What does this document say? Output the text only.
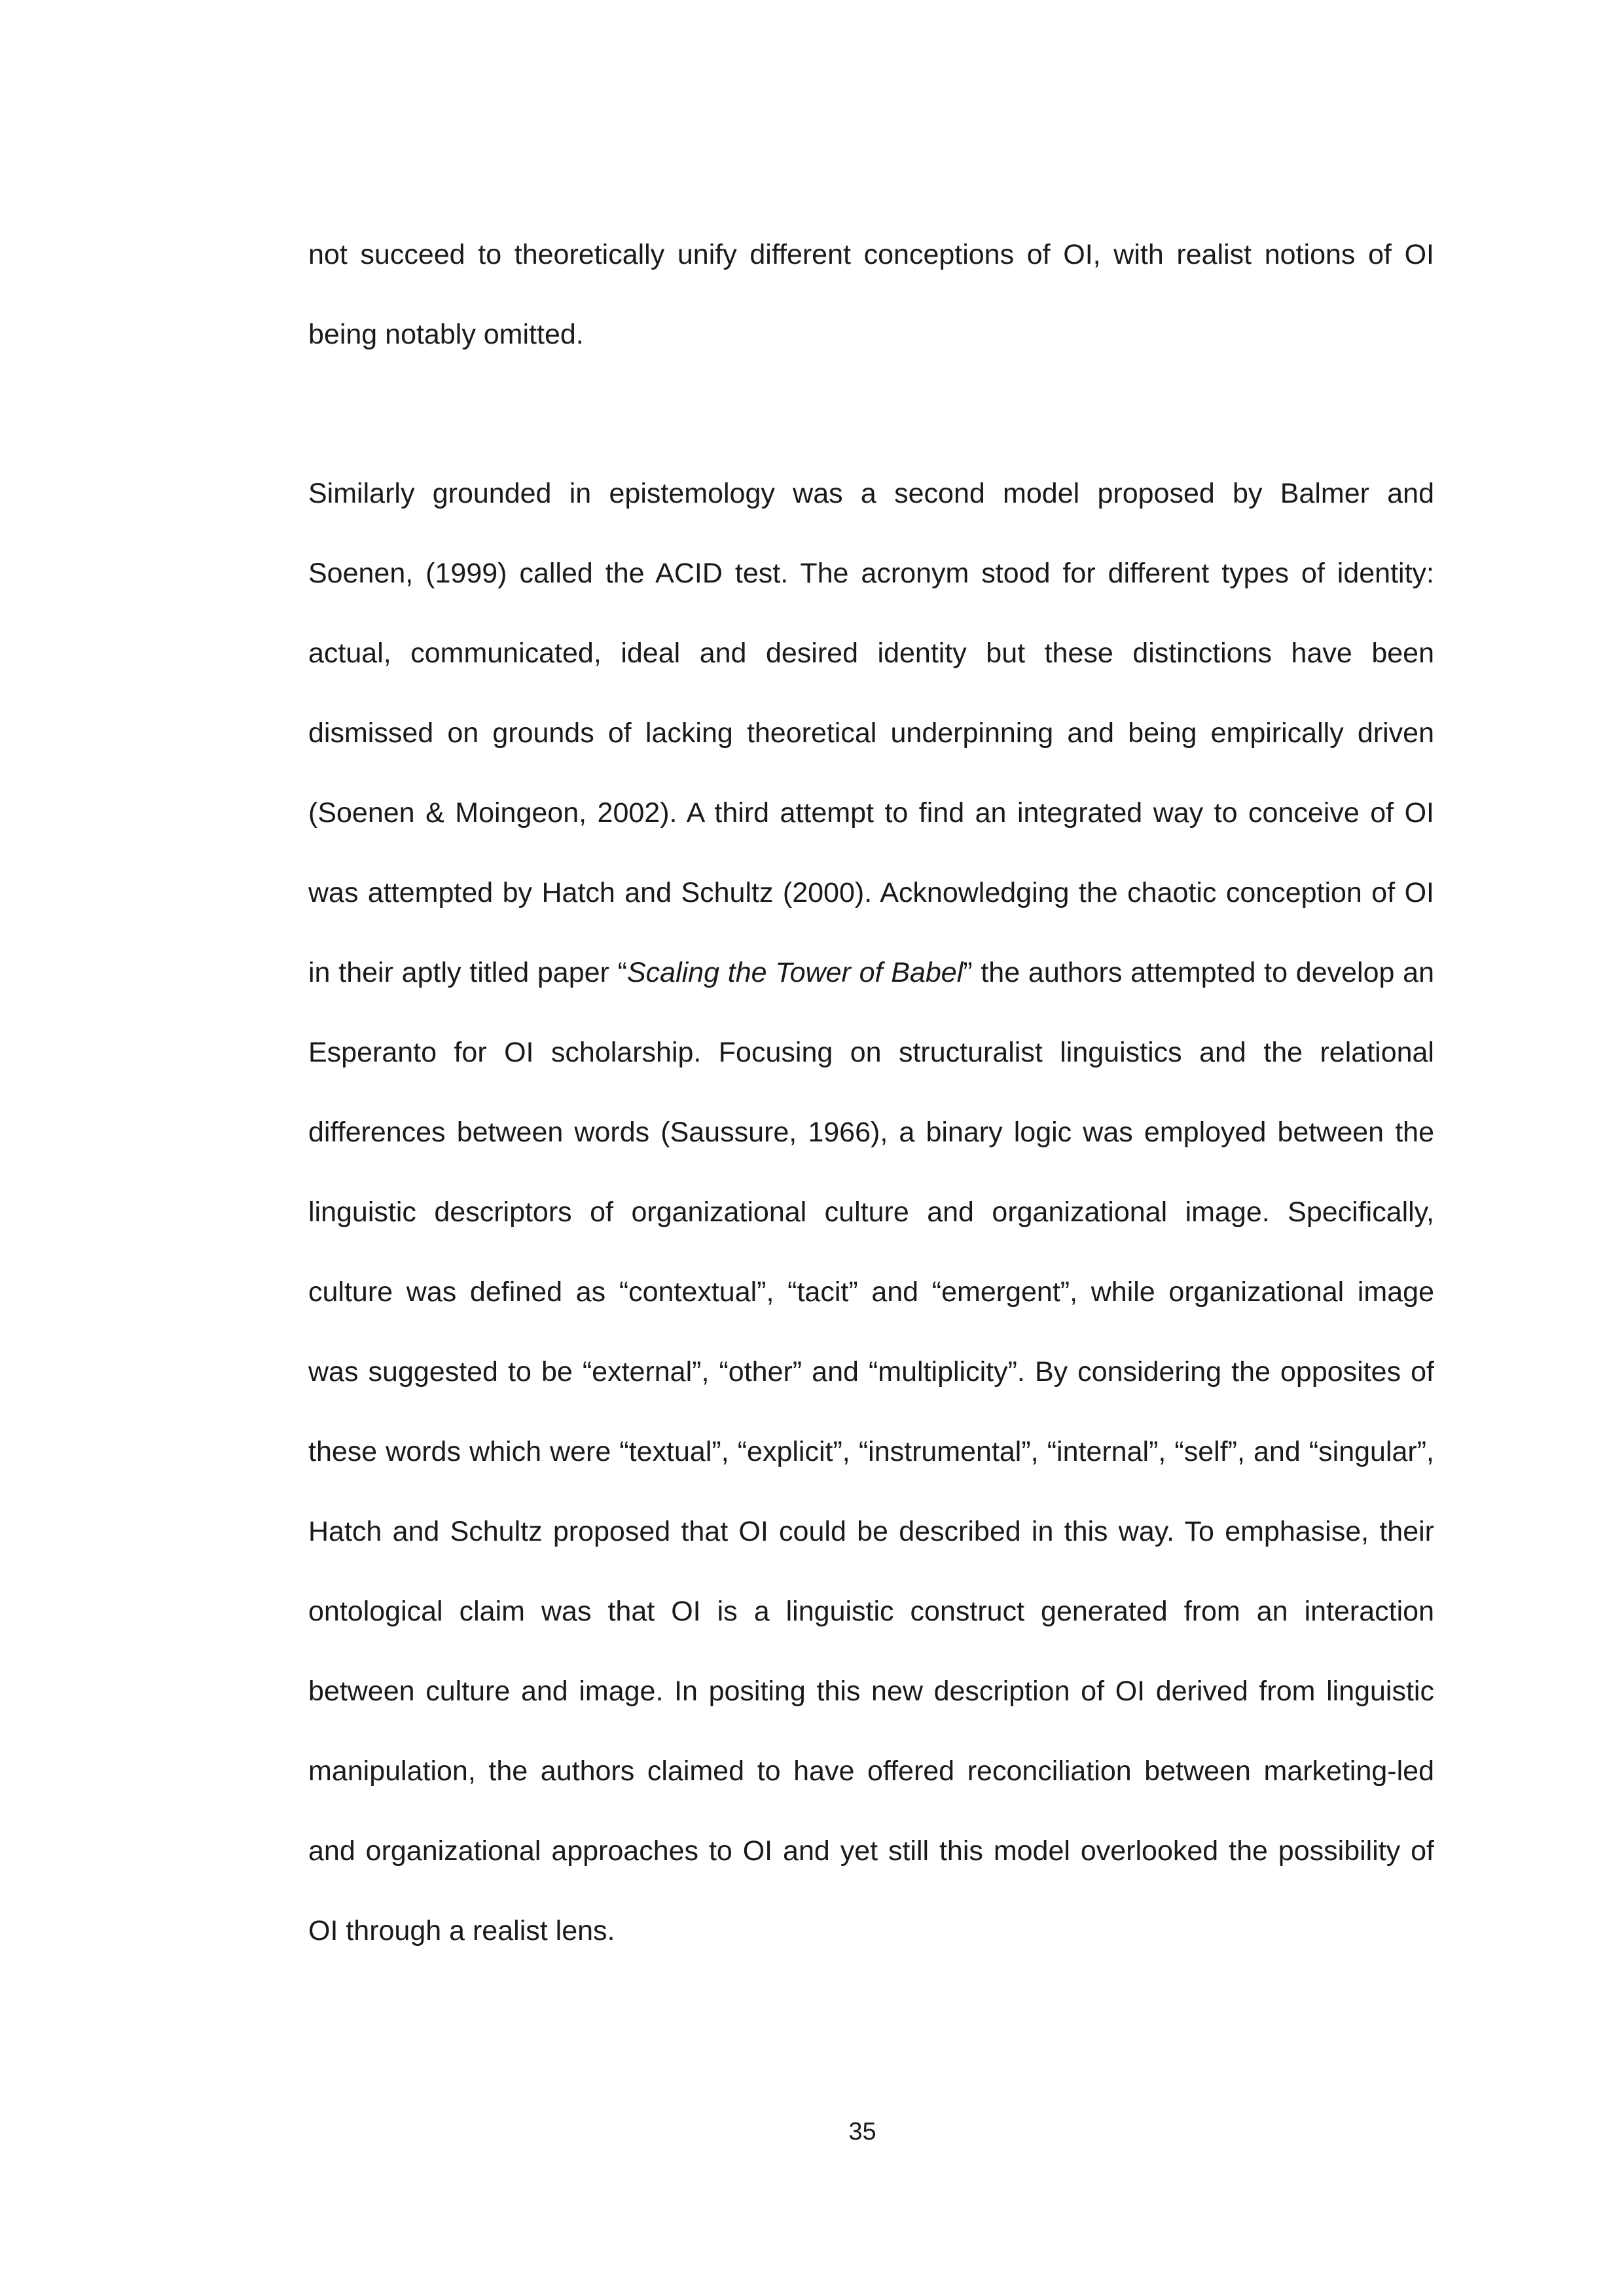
not succeed to theoretically unify different conceptions of OI, with realist notions of OI being notably omitted.

Similarly grounded in epistemology was a second model proposed by Balmer and Soenen, (1999) called the ACID test. The acronym stood for different types of identity: actual, communicated, ideal and desired identity but these distinctions have been dismissed on grounds of lacking theoretical underpinning and being empirically driven (Soenen & Moingeon, 2002). A third attempt to find an integrated way to conceive of OI was attempted by Hatch and Schultz (2000). Acknowledging the chaotic conception of OI in their aptly titled paper “Scaling the Tower of Babel” the authors attempted to develop an Esperanto for OI scholarship. Focusing on structuralist linguistics and the relational differences between words (Saussure, 1966), a binary logic was employed between the linguistic descriptors of organizational culture and organizational image. Specifically, culture was defined as “contextual”, “tacit” and “emergent”, while organizational image was suggested to be “external”, “other” and “multiplicity”. By considering the opposites of these words which were “textual”, “explicit”, “instrumental”, “internal”, “self”, and “singular”, Hatch and Schultz proposed that OI could be described in this way. To emphasise, their ontological claim was that OI is a linguistic construct generated from an interaction between culture and image. In positing this new description of OI derived from linguistic manipulation, the authors claimed to have offered reconciliation between marketing-led and organizational approaches to OI and yet still this model overlooked the possibility of OI through a realist lens.

35
